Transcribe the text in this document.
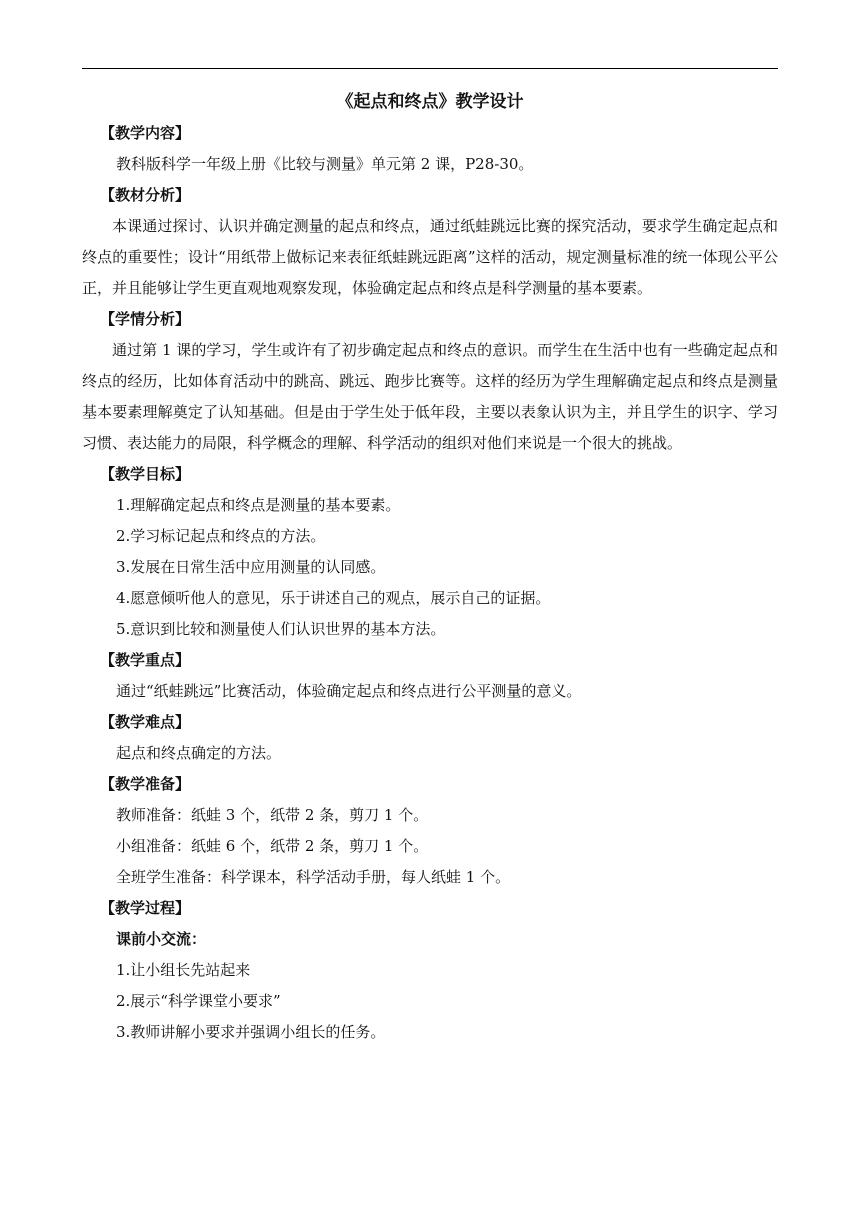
《起点和终点》教学设计

【教学内容】

教科版科学一年级上册《比较与测量》单元第 2 课，P28-30。

【教材分析】

本课通过探讨、认识并确定测量的起点和终点，通过纸蛙跳远比赛的探究活动，要求学生确定起点和终点的重要性；设计“用纸带上做标记来表征纸蛙跳远距离”这样的活动，规定测量标准的统一体现公平公正，并且能够让学生更直观地观察发现，体验确定起点和终点是科学测量的基本要素。

【学情分析】

通过第 1 课的学习，学生或许有了初步确定起点和终点的意识。而学生在生活中也有一些确定起点和终点的经历，比如体育活动中的跳高、跳远、跑步比赛等。这样的经历为学生理解确定起点和终点是测量基本要素理解奠定了认知基础。但是由于学生处于低年段，主要以表象认识为主，并且学生的识字、学习习惯、表达能力的局限，科学概念的理解、科学活动的组织对他们来说是一个很大的挑战。

【教学目标】

1.理解确定起点和终点是测量的基本要素。

2.学习标记起点和终点的方法。

3.发展在日常生活中应用测量的认同感。

4.愿意倾听他人的意见，乐于讲述自己的观点，展示自己的证据。

5.意识到比较和测量使人们认识世界的基本方法。

【教学重点】

通过“纸蛙跳远”比赛活动，体验确定起点和终点进行公平测量的意义。

【教学难点】

起点和终点确定的方法。

【教学准备】

教师准备：纸蛙 3 个，纸带 2 条，剪刀 1 个。

小组准备：纸蛙 6 个，纸带 2 条，剪刀 1 个。

全班学生准备：科学课本，科学活动手册，每人纸蛙 1 个。

【教学过程】

课前小交流：

1.让小组长先站起来

2.展示“科学课堂小要求”

3.教师讲解小要求并强调小组长的任务。
